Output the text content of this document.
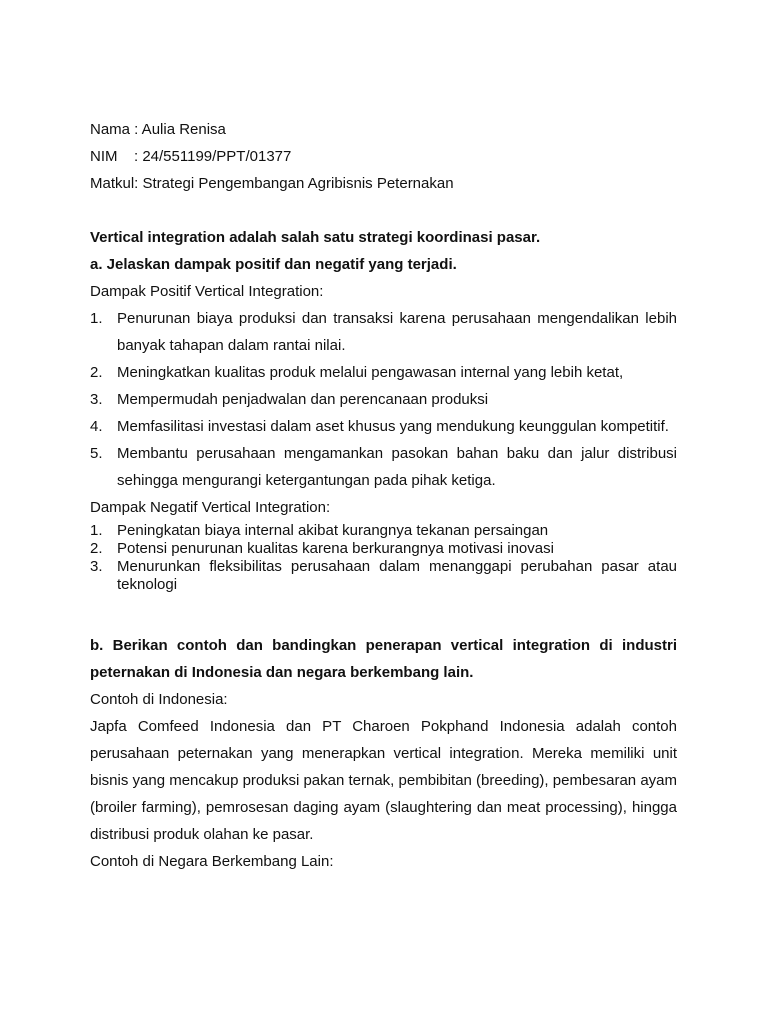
Nama : Aulia Renisa
NIM : 24/551199/PPT/01377
Matkul: Strategi Pengembangan Agribisnis Peternakan
Vertical integration adalah salah satu strategi koordinasi pasar.
a. Jelaskan dampak positif dan negatif yang terjadi.
Dampak Positif Vertical Integration:
1. Penurunan biaya produksi dan transaksi karena perusahaan mengendalikan lebih banyak tahapan dalam rantai nilai.
2. Meningkatkan kualitas produk melalui pengawasan internal yang lebih ketat,
3. Mempermudah penjadwalan dan perencanaan produksi
4. Memfasilitasi investasi dalam aset khusus yang mendukung keunggulan kompetitif.
5. Membantu perusahaan mengamankan pasokan bahan baku dan jalur distribusi sehingga mengurangi ketergantungan pada pihak ketiga.
Dampak Negatif Vertical Integration:
1. Peningkatan biaya internal akibat kurangnya tekanan persaingan
2. Potensi penurunan kualitas karena berkurangnya motivasi inovasi
3. Menurunkan fleksibilitas perusahaan dalam menanggapi perubahan pasar atau teknologi
b. Berikan contoh dan bandingkan penerapan vertical integration di industri peternakan di Indonesia dan negara berkembang lain.
Contoh di Indonesia:
Japfa Comfeed Indonesia dan PT Charoen Pokphand Indonesia adalah contoh perusahaan peternakan yang menerapkan vertical integration. Mereka memiliki unit bisnis yang mencakup produksi pakan ternak, pembibitan (breeding), pembesaran ayam (broiler farming), pemrosesan daging ayam (slaughtering dan meat processing), hingga distribusi produk olahan ke pasar.
Contoh di Negara Berkembang Lain:
